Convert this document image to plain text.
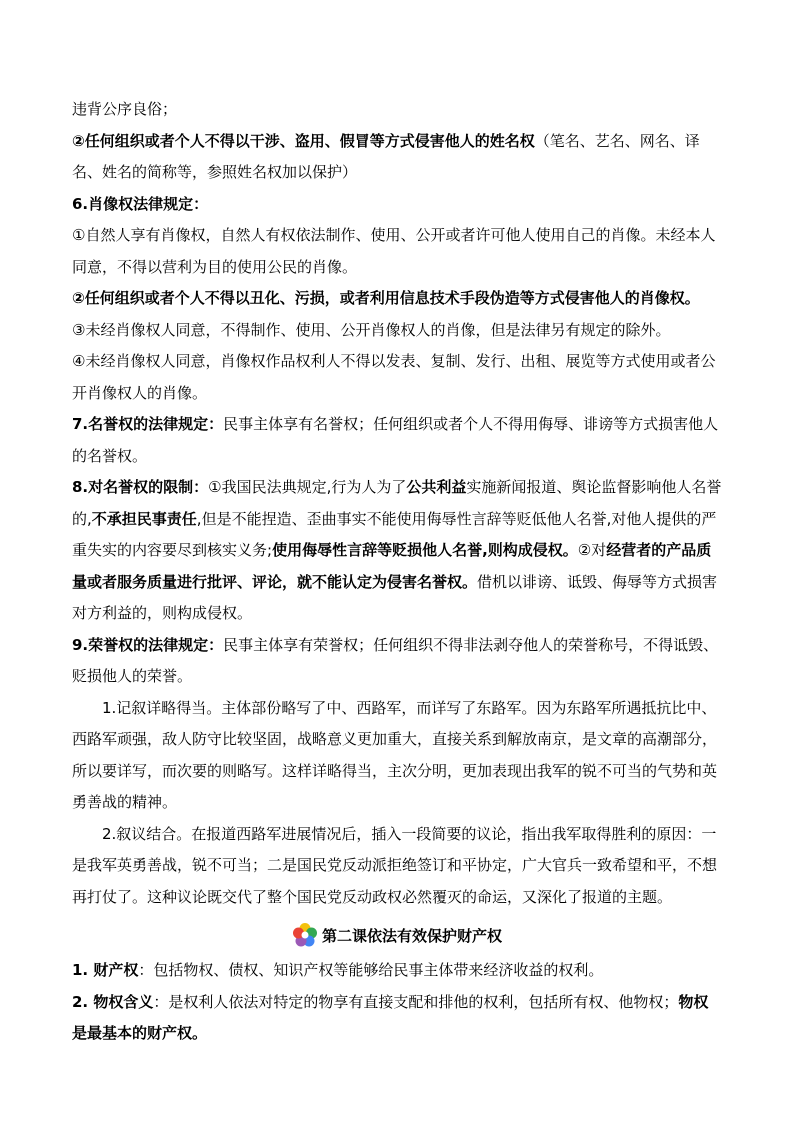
违背公序良俗；

②任何组织或者个人不得以干涉、盗用、假冒等方式侵害他人的姓名权（笔名、艺名、网名、译名、姓名的简称等，参照姓名权加以保护）

6.肖像权法律规定：

①自然人享有肖像权，自然人有权依法制作、使用、公开或者许可他人使用自己的肖像。未经本人同意，不得以营利为目的使用公民的肖像。

②任何组织或者个人不得以丑化、污损，或者利用信息技术手段伪造等方式侵害他人的肖像权。

③未经肖像权人同意，不得制作、使用、公开肖像权人的肖像，但是法律另有规定的除外。

④未经肖像权人同意，肖像权作品权利人不得以发表、复制、发行、出租、展览等方式使用或者公开肖像权人的肖像。

7.名誉权的法律规定：民事主体享有名誉权；任何组织或者个人不得用侮辱、诽谤等方式损害他人的名誉权。

8.对名誉权的限制：①我国民法典规定,行为人为了公共利益实施新闻报道、舆论监督影响他人名誉的,不承担民事责任,但是不能捏造、歪曲事实不能使用侮辱性言辞等贬低他人名誉,对他人提供的严重失实的内容要尽到核实义务;使用侮辱性言辞等贬损他人名誉,则构成侵权。②对经营者的产品质量或者服务质量进行批评、评论，就不能认定为侵害名誉权。借机以诽谤、诋毁、侮辱等方式损害对方利益的，则构成侵权。

9.荣誉权的法律规定：民事主体享有荣誉权；任何组织不得非法剥夺他人的荣誉称号，不得诋毁、贬损他人的荣誉。

1.记叙详略得当。主体部份略写了中、西路军，而详写了东路军。因为东路军所遇抵抗比中、西路军顽强，敌人防守比较坚固，战略意义更加重大，直接关系到解放南京，是文章的高潮部分，所以要详写，而次要的则略写。这样详略得当，主次分明，更加表现出我军的锐不可当的气势和英勇善战的精神。

2.叙议结合。在报道西路军进展情况后，插入一段简要的议论，指出我军取得胜利的原因：一是我军英勇善战，锐不可当；二是国民党反动派拒绝签订和平协定，广大官兵一致希望和平，不想再打仗了。这种议论既交代了整个国民党反动政权必然覆灭的命运，又深化了报道的主题。

第二课依法有效保护财产权

1. 财产权：包括物权、债权、知识产权等能够给民事主体带来经济收益的权利。

2. 物权含义：是权利人依法对特定的物享有直接支配和排他的权利，包括所有权、他物权；物权是最基本的财产权。
